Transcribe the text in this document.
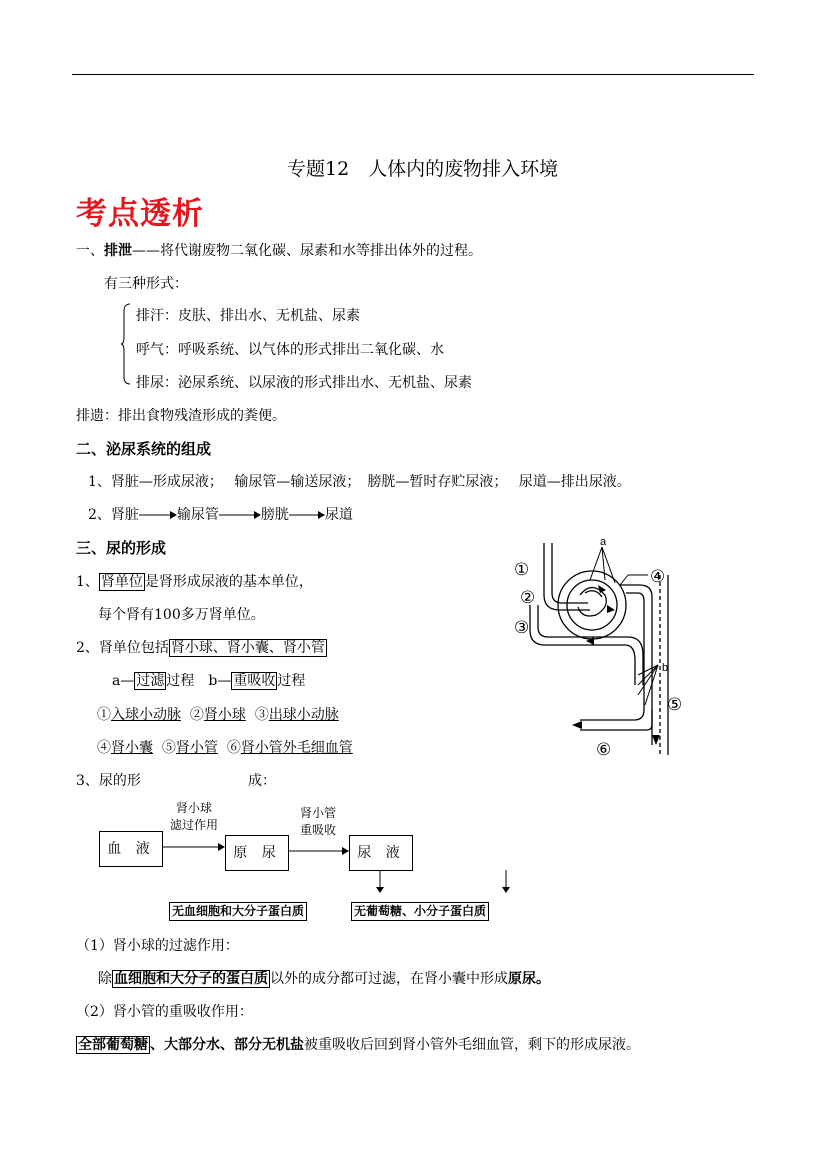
专题12　人体内的废物排入环境
考点透析
一、排泄——将代谢废物二氧化碳、尿素和水等排出体外的过程。
有三种形式：
排汗：皮肤、排出水、无机盐、尿素
呼气：呼吸系统、以气体的形式排出二氧化碳、水
排尿：泌尿系统、以尿液的形式排出水、无机盐、尿素
排遗：排出食物残渣形成的粪便。
二、泌尿系统的组成
1、肾脏—形成尿液；　 输尿管—输送尿液；　膀胱—暂时存贮尿液；　 尿道—排出尿液。
2、肾脏	输尿管	膀胱	尿道
三、尿的形成
1、 肾单位 是肾形成尿液的基本单位，
每个肾有100多万肾单位。
2、肾单位包括 肾小球、肾小囊、肾小管
a— 过滤 过程　b— 重吸收 过程
①入球小动脉 ②肾小球 ③出球小动脉
④肾小囊 ⑤肾小管 ⑥肾小管外毛细血管
3、尿的形	成：
a
b
①
②
③
④
⑤
⑥
血 液	原 尿	尿 液
肾小球
滤过作用
肾小管
重吸收
无血细胞和大分子蛋白质	无葡萄糖、小分子蛋白质
（1）肾小球的过滤作用：
除 血细胞和大分子的蛋白质 以外的成分都可过滤，在肾小囊中形成原尿。
（2）肾小管的重吸收作用：
全部葡萄糖 、大部分水、部分无机盐被重吸收后回到肾小管外毛细血管，剩下的形成尿液。
